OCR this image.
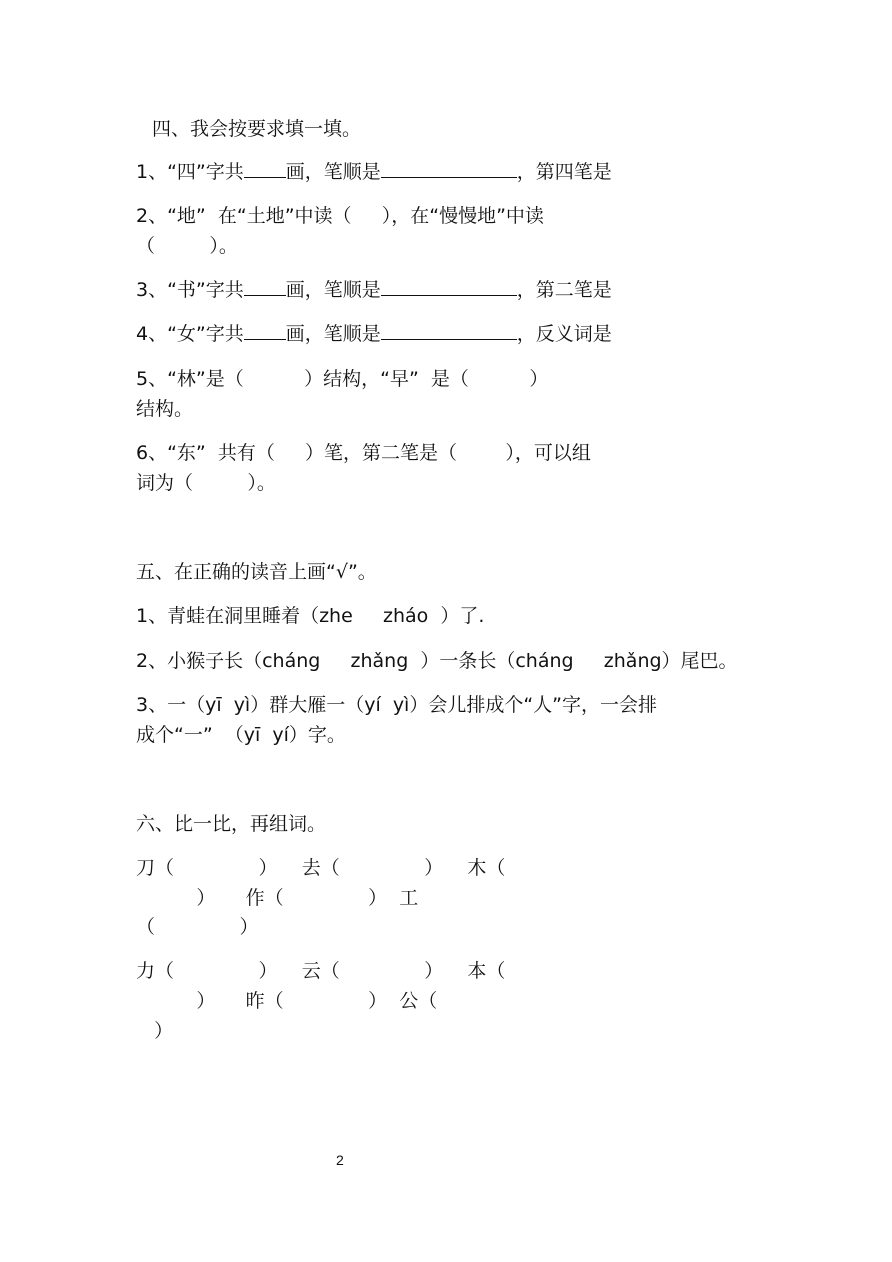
四、我会按要求填一填。
1、“四”字共 画，笔顺是	，第四笔是
2、“地”  在“土地”中读（     ），在“慢慢地”中读
（         ）。
3、“书”字共 画，笔顺是	，第二笔是
4、“女”字共 画，笔顺是	，反义词是
5、“林”是（          ）结构，“早”  是（          ）
结构。
6、“东”  共有（     ）笔，第二笔是（        ），可以组
词为（         ）。
五、在正确的读音上画“√”。
1、青蛙在洞里睡着（zhe     zháo  ）了.
2、小猴子长（cháng     zhǎng  ）一条长（cháng     zhǎng）尾巴。
3、一（yī  yì）群大雁一（yí  yì）会儿排成个“人”字，一会排
成个“一”  （yī  yí）字。
六、比一比，再组词。
刀（              ）    去（              ）    木（
）     作（              ）  工
（              ）
力（              ）    云（              ）    本（
）     昨（              ）  公（
）
2
